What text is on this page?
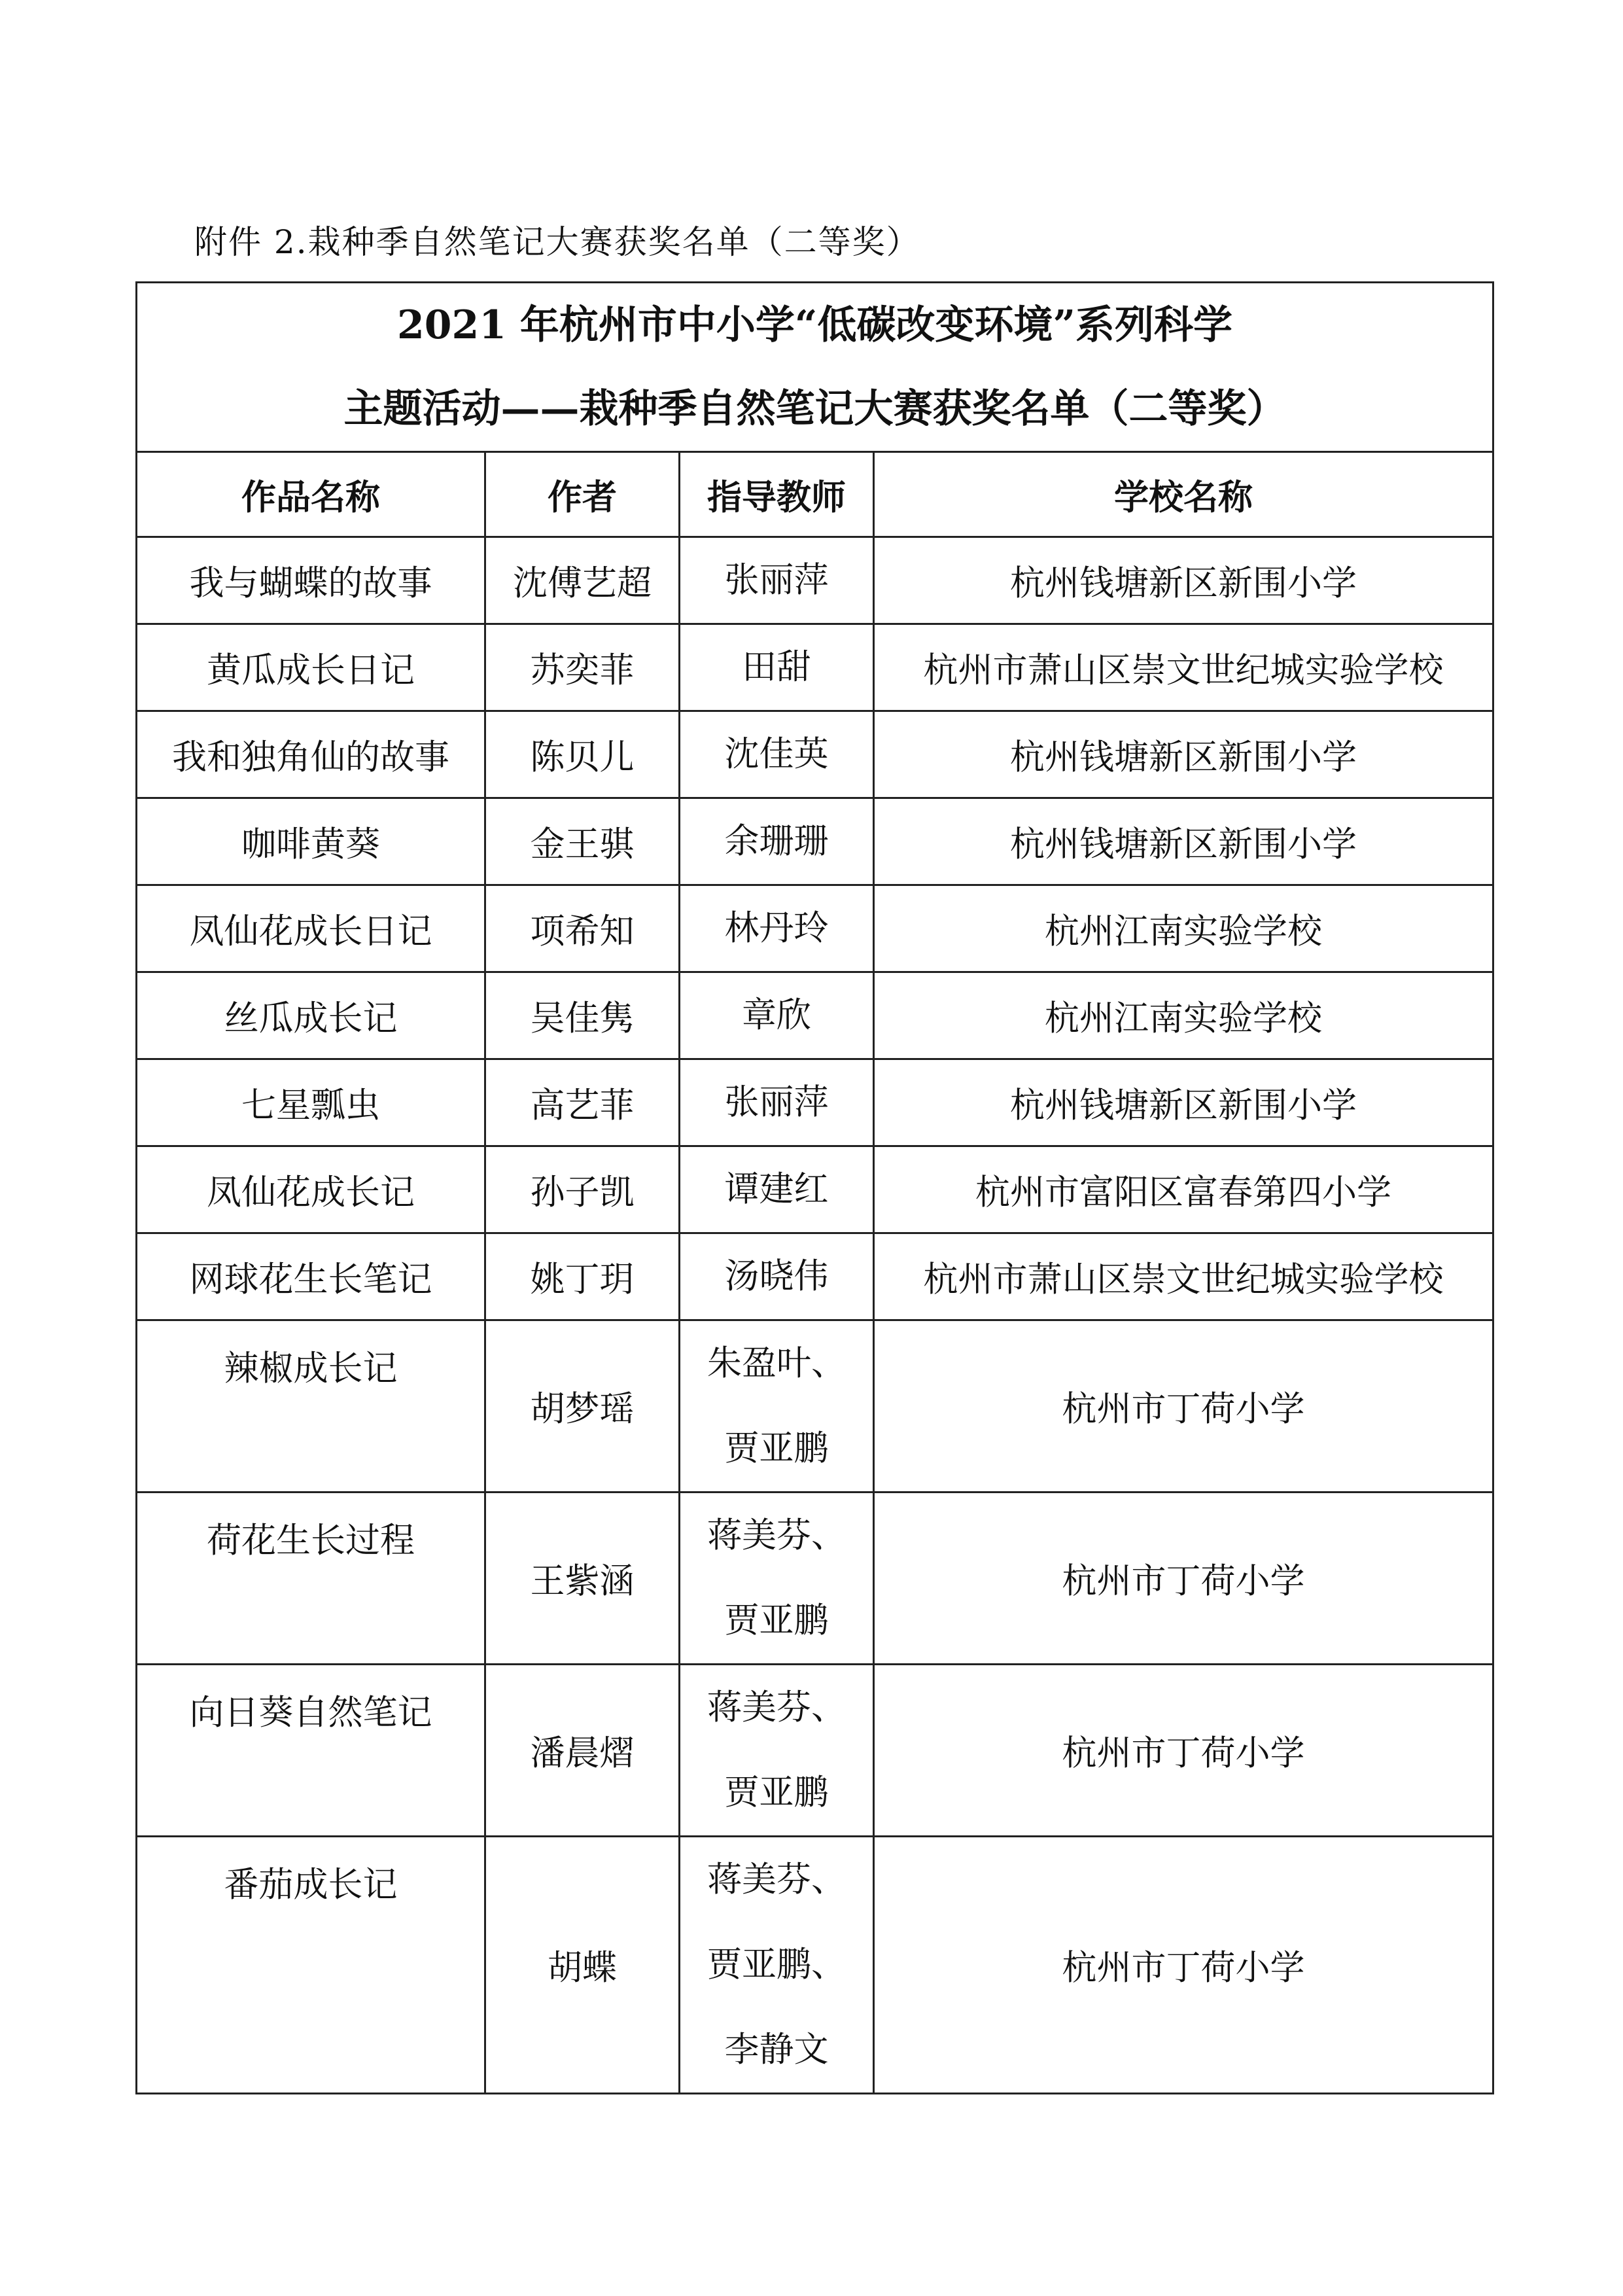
附件 2.栽种季自然笔记大赛获奖名单（二等奖）
2021 年杭州市中小学“低碳改变环境”系列科学
主题活动——栽种季自然笔记大赛获奖名单（二等奖）			

作品名称	作者	指导教师	学校名称
我与蝴蝶的故事	沈傅艺超	张丽萍	杭州钱塘新区新围小学
黄瓜成长日记	苏奕菲	田甜	杭州市萧山区崇文世纪城实验学校
我和独角仙的故事	陈贝儿	沈佳英	杭州钱塘新区新围小学
咖啡黄葵	金王骐	余珊珊	杭州钱塘新区新围小学
凤仙花成长日记	项希知	林丹玲	杭州江南实验学校
丝瓜成长记	吴佳隽	章欣	杭州江南实验学校
七星瓢虫	高艺菲	张丽萍	杭州钱塘新区新围小学
凤仙花成长记	孙子凯	谭建红	杭州市富阳区富春第四小学
网球花生长笔记	姚丁玥	汤晓伟	杭州市萧山区崇文世纪城实验学校

辣椒成长记	胡梦瑶	朱盈叶、
贾亚鹏	杭州市丁荷小学

荷花生长过程	王紫涵	蒋美芬、
贾亚鹏	杭州市丁荷小学

向日葵自然笔记	潘晨熠	蒋美芬、
贾亚鹏	杭州市丁荷小学

番茄成长记	胡蝶	蒋美芬、
贾亚鹏、
李静文	杭州市丁荷小学
